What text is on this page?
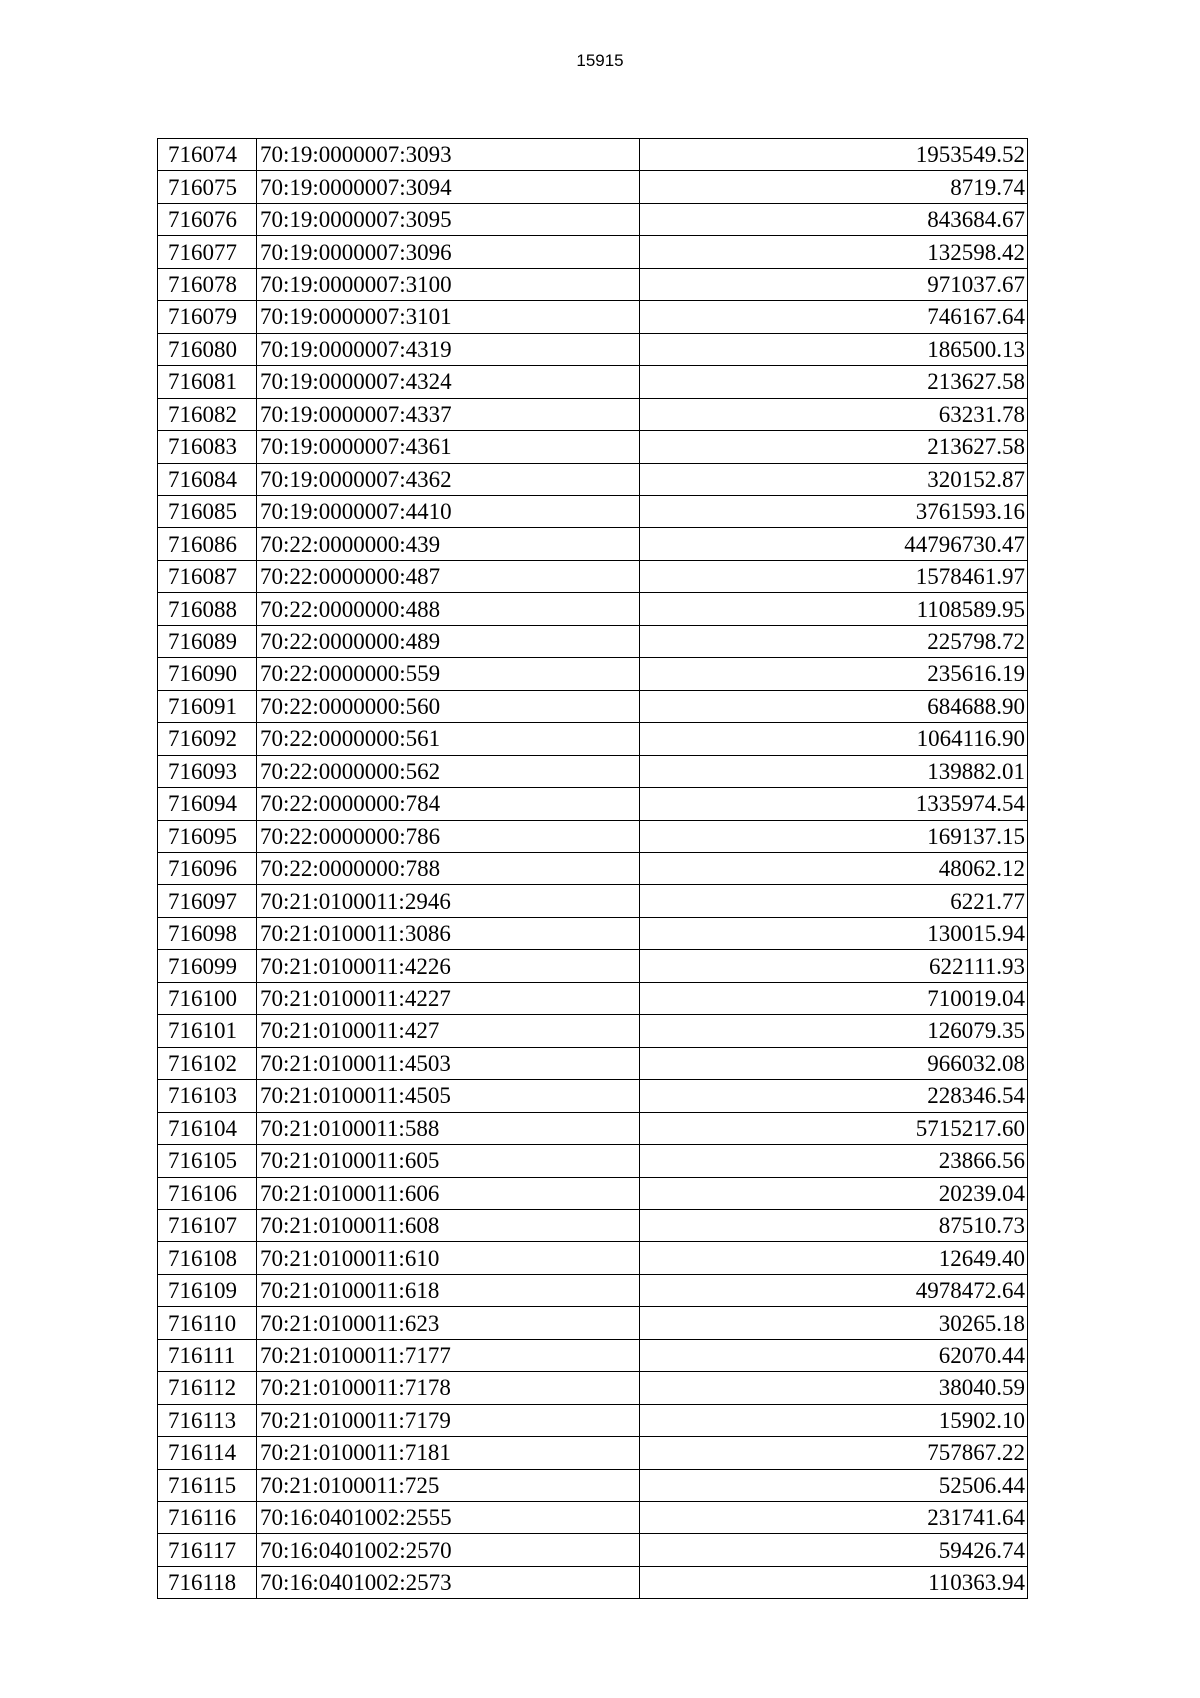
15915
716074	70:19:0000007:3093	1953549.52
716075	70:19:0000007:3094	8719.74
716076	70:19:0000007:3095	843684.67
716077	70:19:0000007:3096	132598.42
716078	70:19:0000007:3100	971037.67
716079	70:19:0000007:3101	746167.64
716080	70:19:0000007:4319	186500.13
716081	70:19:0000007:4324	213627.58
716082	70:19:0000007:4337	63231.78
716083	70:19:0000007:4361	213627.58
716084	70:19:0000007:4362	320152.87
716085	70:19:0000007:4410	3761593.16
716086	70:22:0000000:439	44796730.47
716087	70:22:0000000:487	1578461.97
716088	70:22:0000000:488	1108589.95
716089	70:22:0000000:489	225798.72
716090	70:22:0000000:559	235616.19
716091	70:22:0000000:560	684688.90
716092	70:22:0000000:561	1064116.90
716093	70:22:0000000:562	139882.01
716094	70:22:0000000:784	1335974.54
716095	70:22:0000000:786	169137.15
716096	70:22:0000000:788	48062.12
716097	70:21:0100011:2946	6221.77
716098	70:21:0100011:3086	130015.94
716099	70:21:0100011:4226	622111.93
716100	70:21:0100011:4227	710019.04
716101	70:21:0100011:427	126079.35
716102	70:21:0100011:4503	966032.08
716103	70:21:0100011:4505	228346.54
716104	70:21:0100011:588	5715217.60
716105	70:21:0100011:605	23866.56
716106	70:21:0100011:606	20239.04
716107	70:21:0100011:608	87510.73
716108	70:21:0100011:610	12649.40
716109	70:21:0100011:618	4978472.64
716110	70:21:0100011:623	30265.18
716111	70:21:0100011:7177	62070.44
716112	70:21:0100011:7178	38040.59
716113	70:21:0100011:7179	15902.10
716114	70:21:0100011:7181	757867.22
716115	70:21:0100011:725	52506.44
716116	70:16:0401002:2555	231741.64
716117	70:16:0401002:2570	59426.74
716118	70:16:0401002:2573	110363.94
